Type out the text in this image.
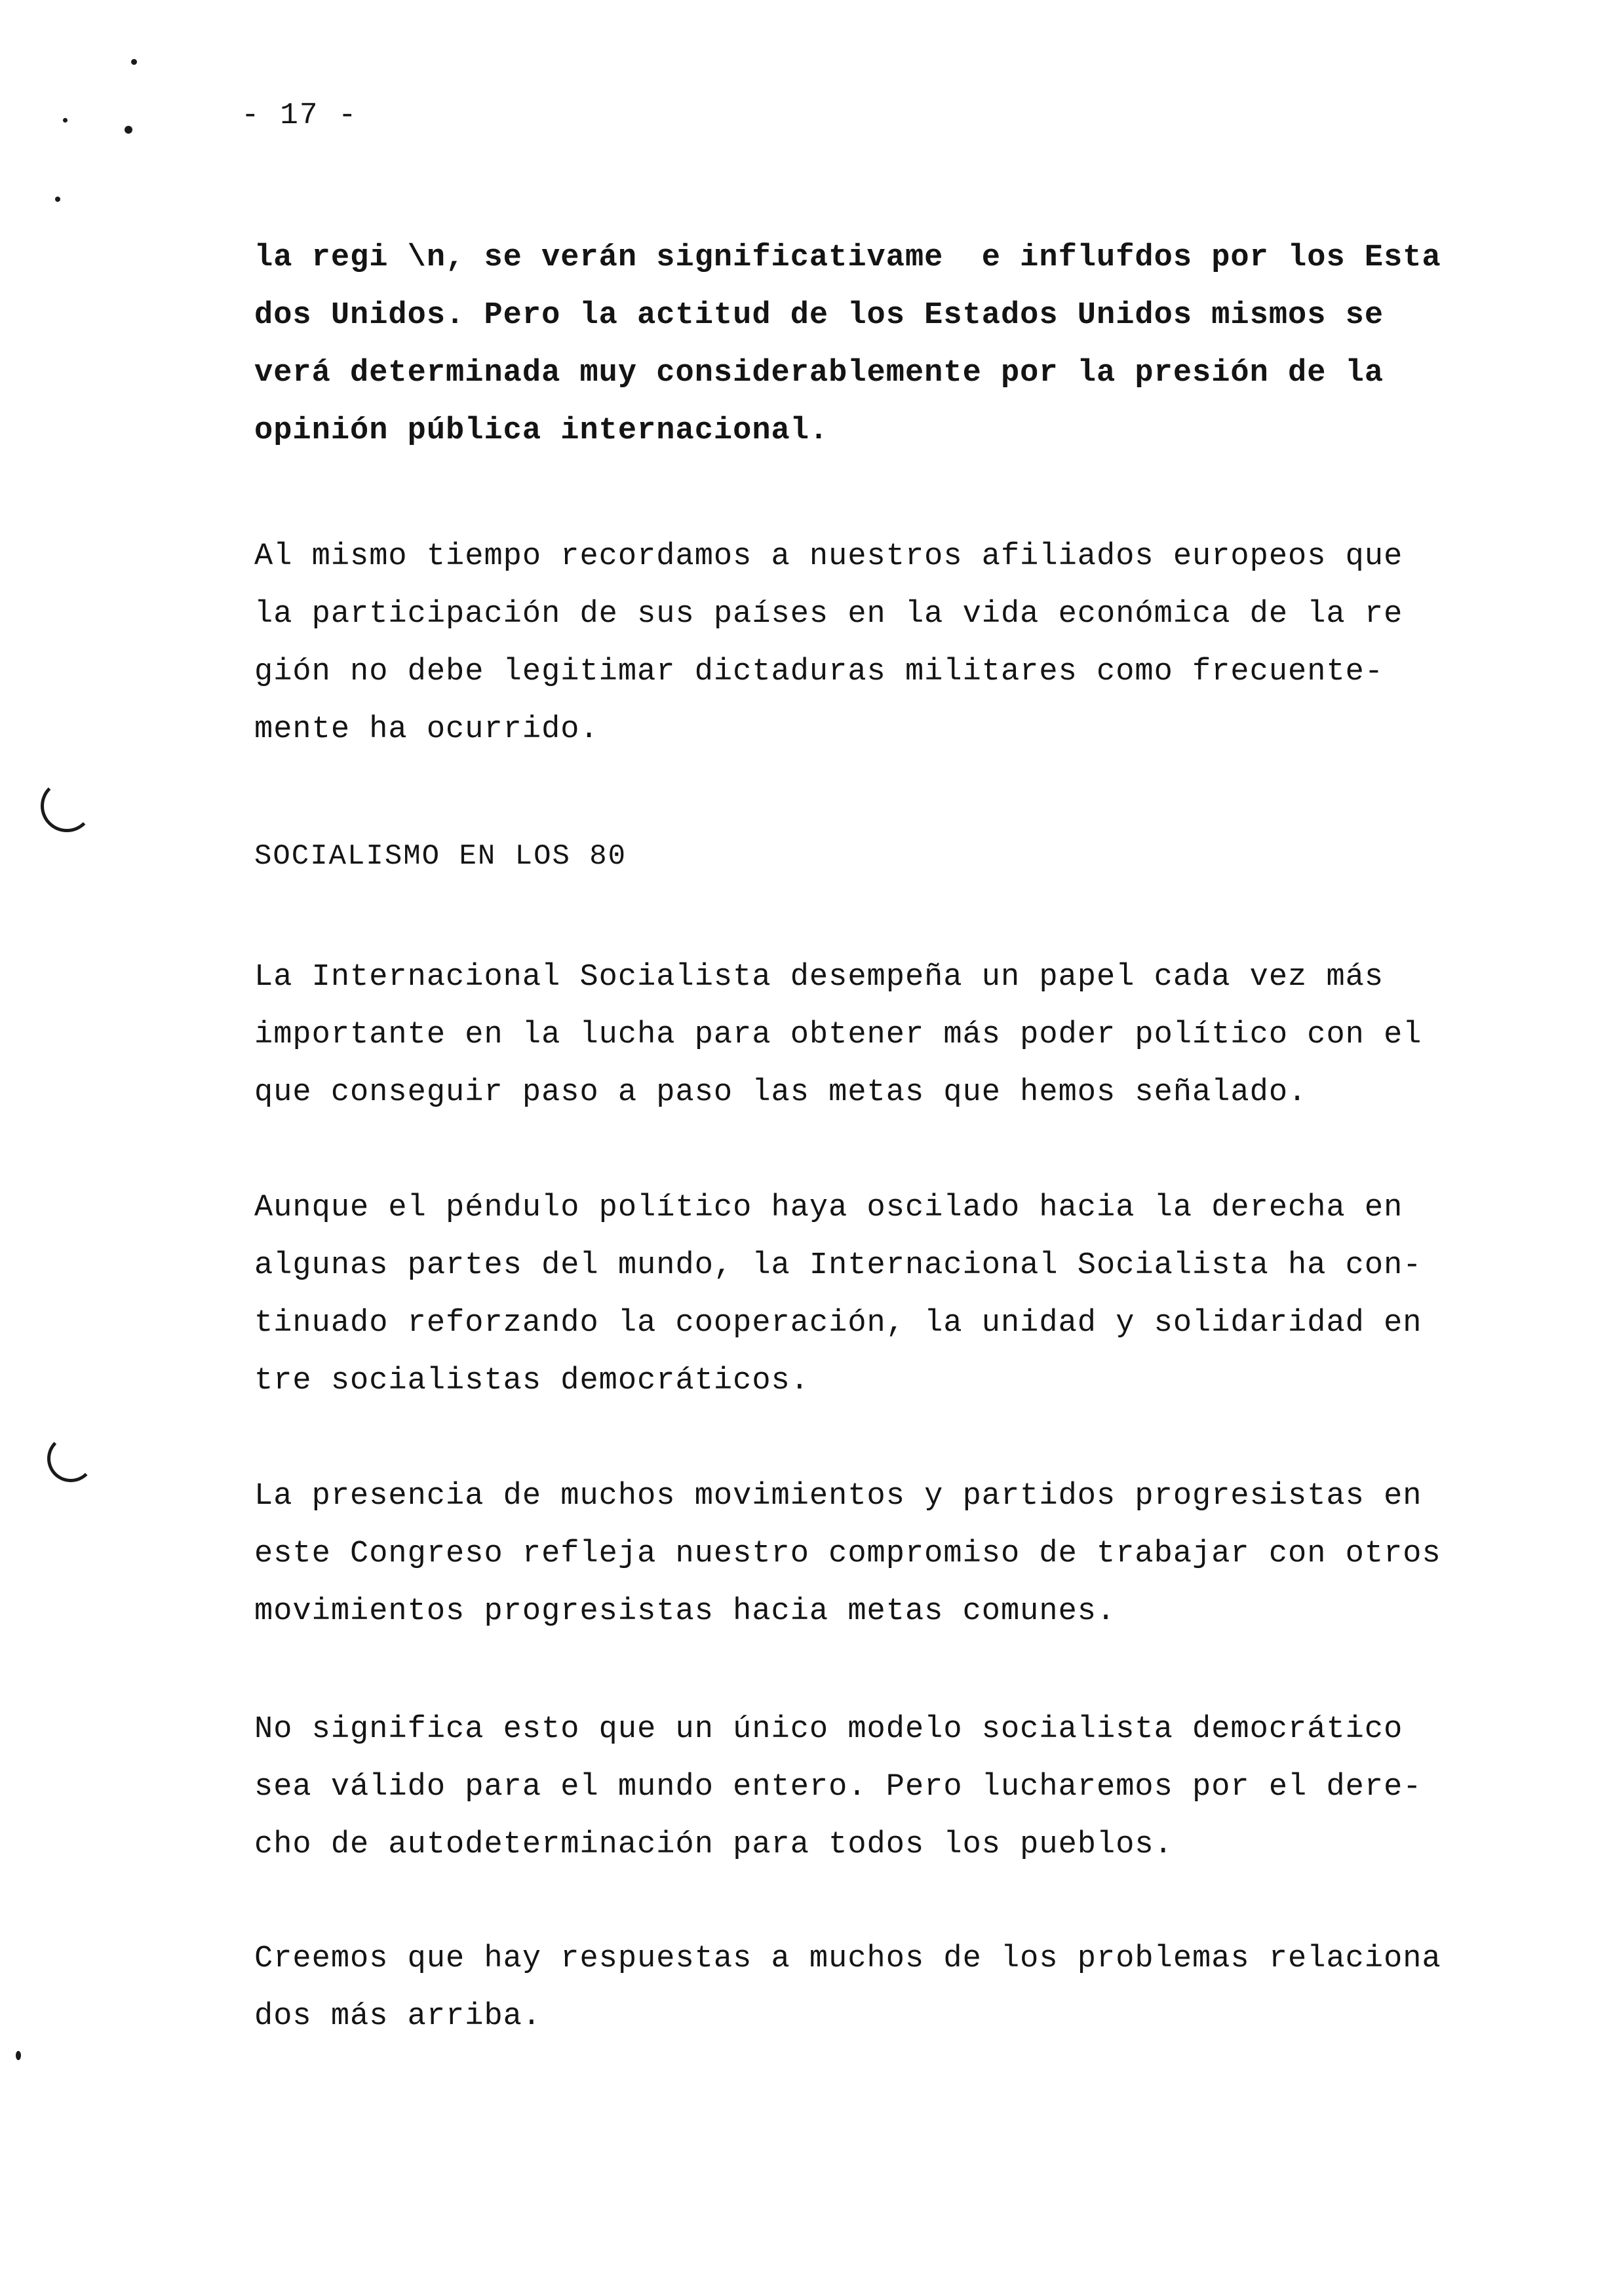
- 17 -
la regi \n, se verán significativame  e influfdos por los Esta
dos Unidos. Pero la actitud de los Estados Unidos mismos se
verá determinada muy considerablemente por la presión de la
opinión pública internacional.
Al mismo tiempo recordamos a nuestros afiliados europeos que
la participación de sus países en la vida económica de la re
gión no debe legitimar dictaduras militares como frecuente-
mente ha ocurrido.
SOCIALISMO EN LOS 80
La Internacional Socialista desempeña un papel cada vez más
importante en la lucha para obtener más poder político con el
que conseguir paso a paso las metas que hemos señalado.
Aunque el péndulo político haya oscilado hacia la derecha en
algunas partes del mundo, la Internacional Socialista ha con-
tinuado reforzando la cooperación, la unidad y solidaridad en
tre socialistas democráticos.
La presencia de muchos movimientos y partidos progresistas en
este Congreso refleja nuestro compromiso de trabajar con otros
movimientos progresistas hacia metas comunes.
No significa esto que un único modelo socialista democrático
sea válido para el mundo entero. Pero lucharemos por el dere-
cho de autodeterminación para todos los pueblos.
Creemos que hay respuestas a muchos de los problemas relaciona
dos más arriba.
